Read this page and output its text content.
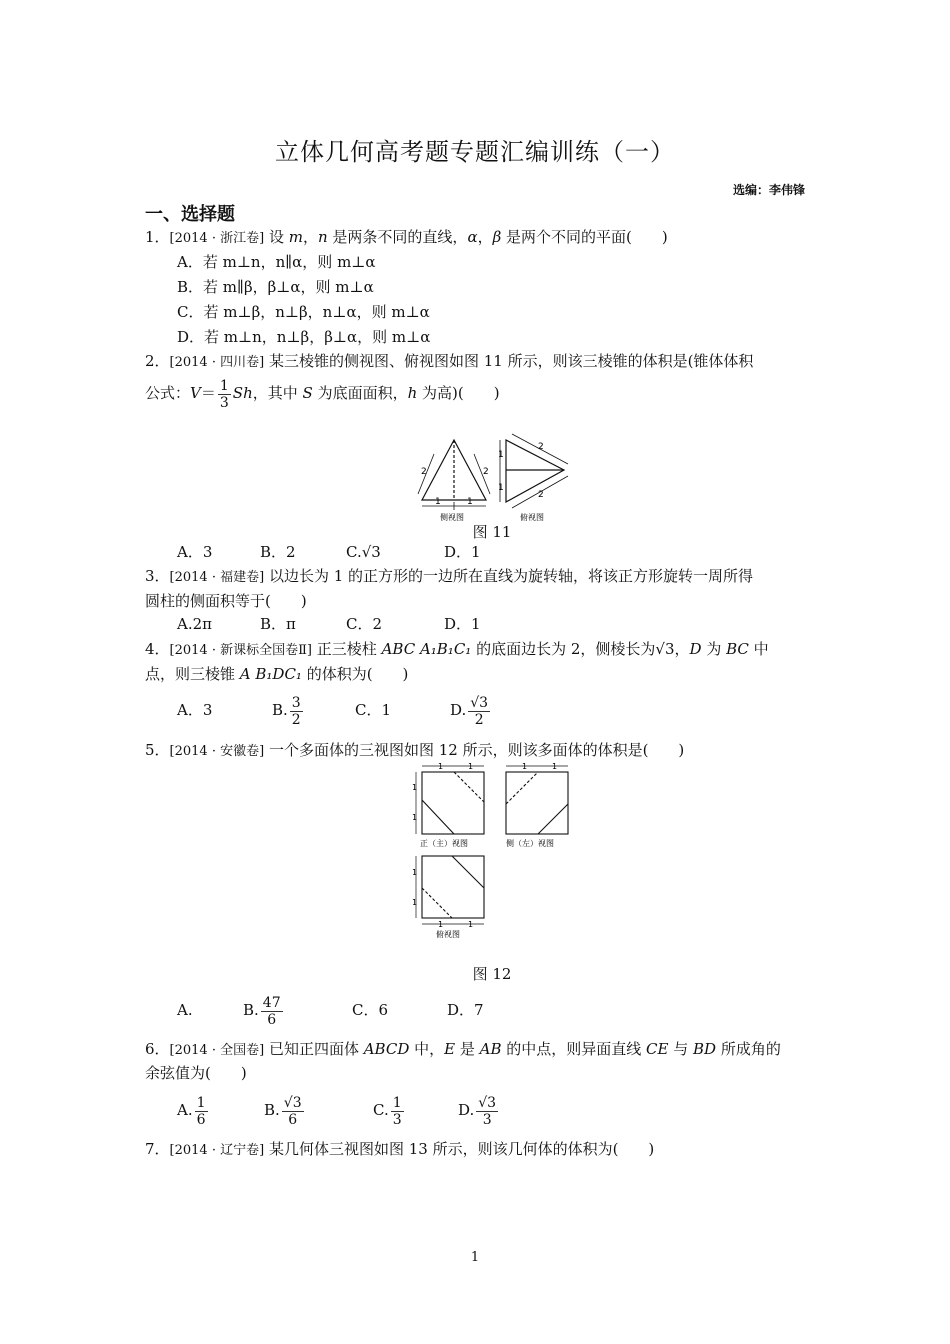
立体几何高考题专题汇编训练（一）
选编：李伟锋
一、选择题
1．[2014 · 浙江卷] 设 m，n 是两条不同的直线，α，β 是两个不同的平面(　　)
A．若 m⊥n，n∥α，则 m⊥α
B．若 m∥β，β⊥α，则 m⊥α
C．若 m⊥β，n⊥β，n⊥α，则 m⊥α
D．若 m⊥n，n⊥β，β⊥α，则 m⊥α
2．[2014 · 四川卷] 某三棱锥的侧视图、俯视图如图 11 所示，则该三棱锥的体积是(锥体体积
公式：$V= \frac{1}{3}$ Sh，其中 S 为底面面积，h 为高)(　　)
1	1
2	2
侧视图
1
1
2
2
俯视图
图 11
A．3	B．2	C.√3	D．1
3．[2014 · 福建卷] 以边长为 1 的正方形的一边所在直线为旋转轴，将该正方形旋转一周所得
圆柱的侧面积等于(　　)
A.2π	B．π	C．2	D．1
4．[2014 · 新课标全国卷Ⅱ] 正三棱柱 ABC A₁B₁C₁ 的底面边长为 2，侧棱长为√3，D 为 BC 中
点，则三棱锥 A B₁DC₁ 的体积为(　　)
A．3	B. $\frac{3}{2}$	C．1	D. $\frac{√3}{2}$
5．[2014 · 安徽卷] 一个多面体的三视图如图 12 所示，则该多面体的体积是(　　)
1	1	1	1
1
1
1
1
1	1
正（主）视图	侧（左）视图
俯视图
图 12
A.	B. $\frac{47}{6}$	C．6	D．7
6．[2014 · 全国卷] 已知正四面体 ABCD 中，E 是 AB 的中点，则异面直线 CE 与 BD 所成角的
余弦值为(　　)
A. $\frac{1}{6}$	B. $\frac{√3}{6}$	C. $\frac{1}{3}$	D. $\frac{√3}{3}$
7．[2014 · 辽宁卷] 某几何体三视图如图 13 所示，则该几何体的体积为(　　)
1
